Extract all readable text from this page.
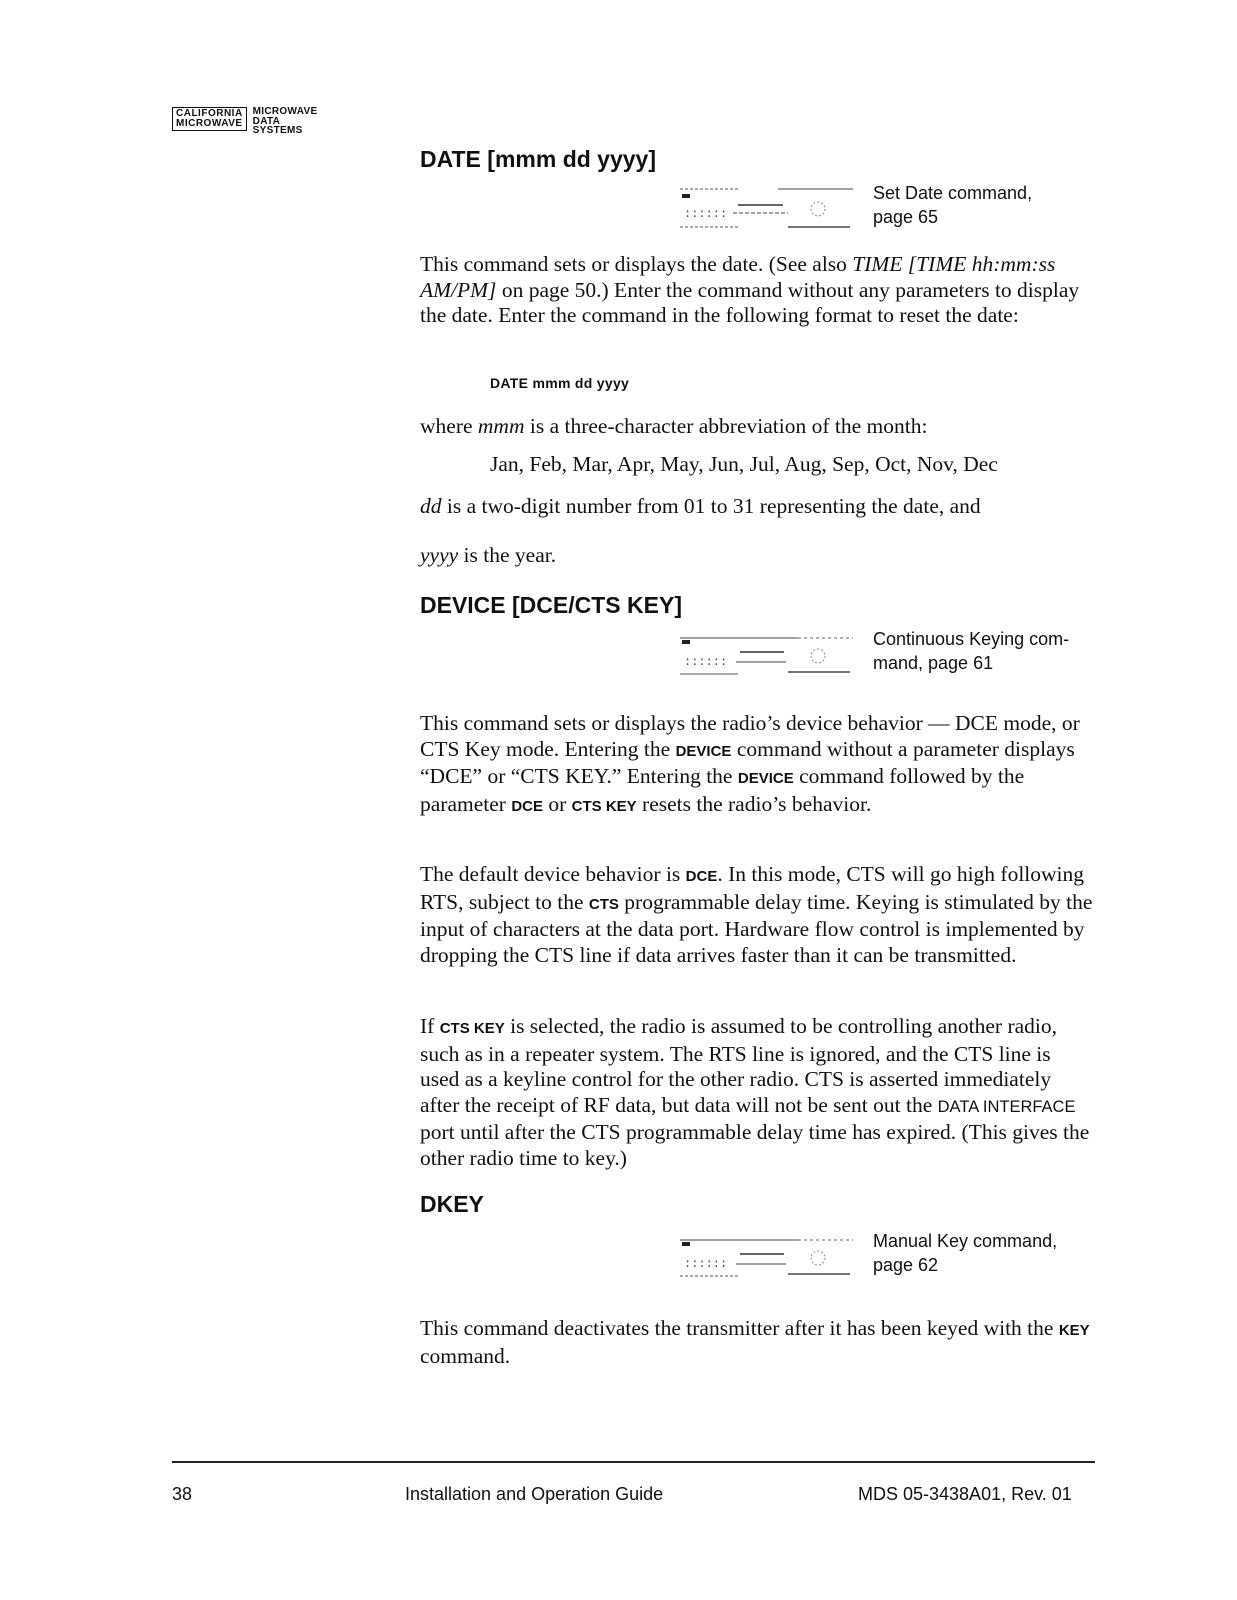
CALIFORNIA
MICROWAVE
MICROWAVE
DATA
SYSTEMS
DATE [mmm dd yyyy]
::::::
Set Date command,
page 65
This command sets or displays the date. (See also TIME [TIME hh:mm:ss AM/PM] on page 50.) Enter the command without any parameters to display the date. Enter the command in the following format to reset the date:
DATE mmm dd yyyy
where mmm is a three-character abbreviation of the month:
Jan, Feb, Mar, Apr, May, Jun, Jul, Aug, Sep, Oct, Nov, Dec
dd is a two-digit number from 01 to 31 representing the date, and
yyyy is the year.
DEVICE [DCE/CTS KEY]
::::::
Continuous Keying com-
mand, page 61
This command sets or displays the radio’s device behavior — DCE mode, or CTS Key mode. Entering the DEVICE command without a parameter displays “DCE” or “CTS KEY.” Entering the DEVICE command followed by the parameter DCE or CTS KEY resets the radio’s behavior.
The default device behavior is DCE. In this mode, CTS will go high following RTS, subject to the CTS programmable delay time. Keying is stimulated by the input of characters at the data port. Hardware flow control is implemented by dropping the CTS line if data arrives faster than it can be transmitted.
If CTS KEY is selected, the radio is assumed to be controlling another radio, such as in a repeater system. The RTS line is ignored, and the CTS line is used as a keyline control for the other radio. CTS is asserted immediately after the receipt of RF data, but data will not be sent out the DATA INTERFACE port until after the CTS programmable delay time has expired. (This gives the other radio time to key.)
DKEY
::::::
Manual Key command,
page 62
This command deactivates the transmitter after it has been keyed with the KEY command.
38	Installation and Operation Guide	MDS 05-3438A01, Rev. 01
